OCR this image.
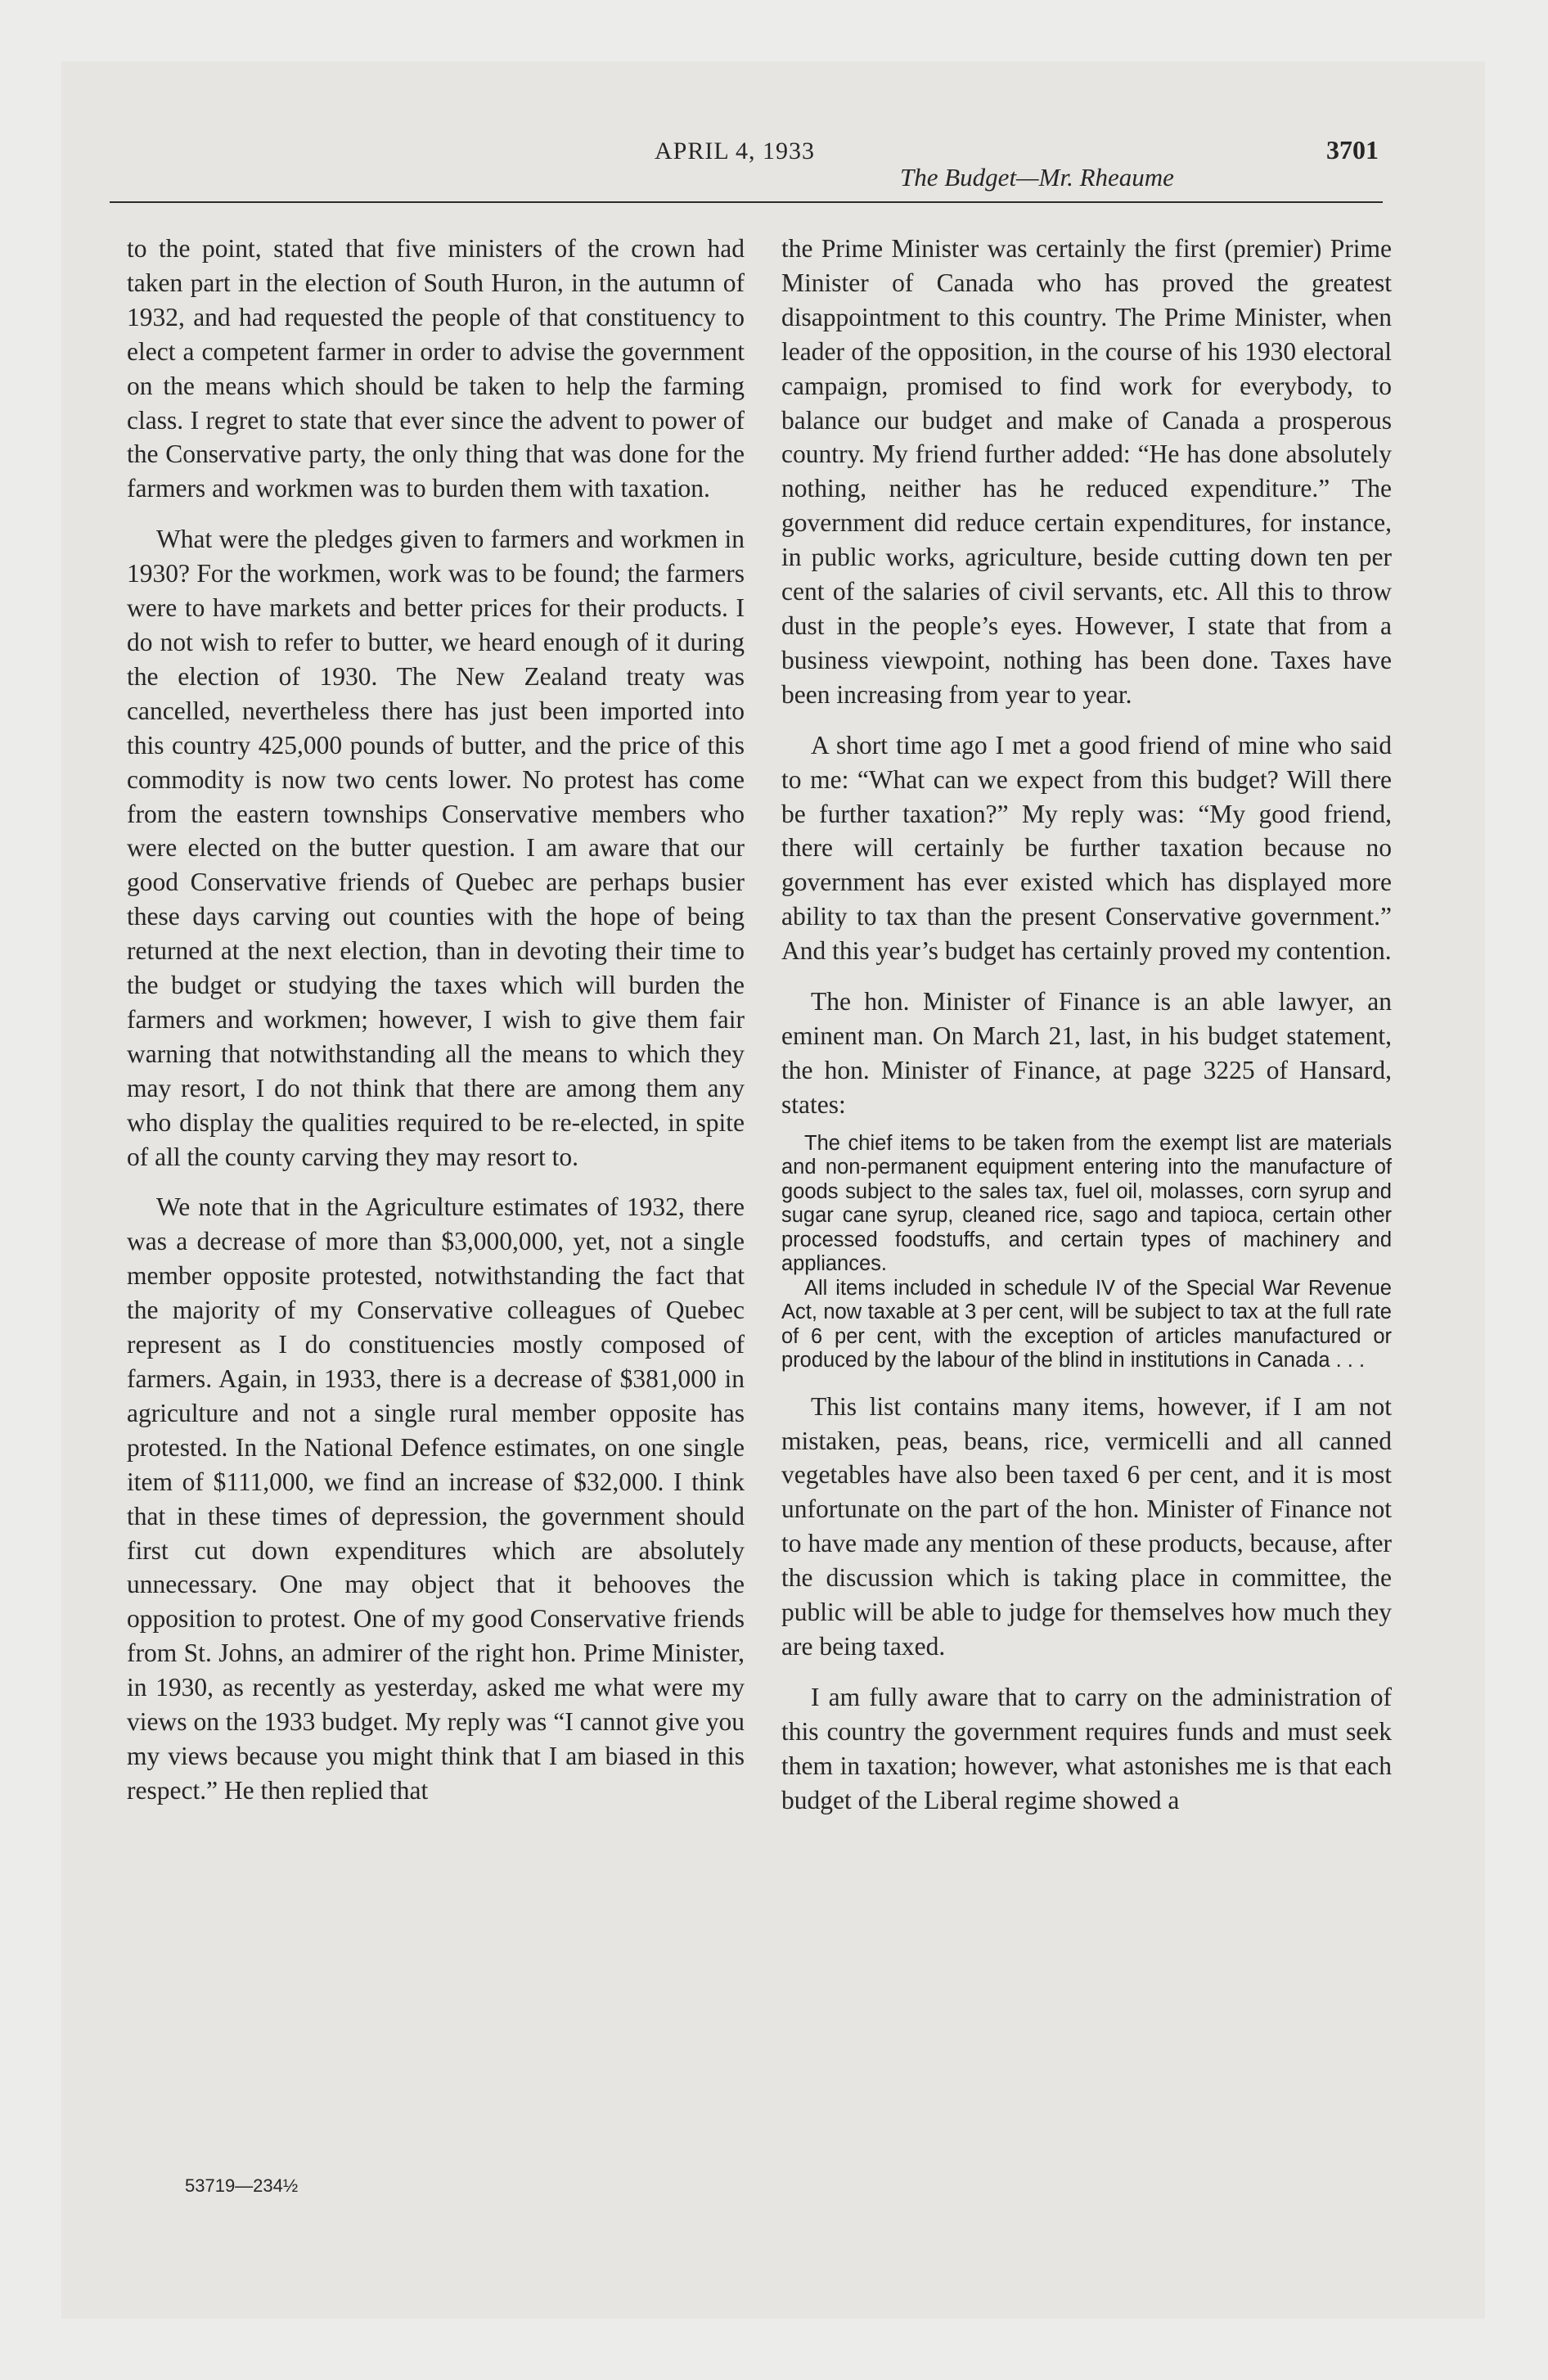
APRIL 4, 1933
The Budget—Mr. Rheaume
3701

to the point, stated that five ministers of the crown had taken part in the election of South Huron, in the autumn of 1932, and had requested the people of that constituency to elect a competent farmer in order to advise the government on the means which should be taken to help the farming class. I regret to state that ever since the advent to power of the Conservative party, the only thing that was done for the farmers and workmen was to burden them with taxation.

What were the pledges given to farmers and workmen in 1930? For the workmen, work was to be found; the farmers were to have markets and better prices for their products. I do not wish to refer to butter, we heard enough of it during the election of 1930. The New Zealand treaty was cancelled, nevertheless there has just been imported into this country 425,000 pounds of butter, and the price of this commodity is now two cents lower. No protest has come from the eastern townships Conservative members who were elected on the butter question. I am aware that our good Conservative friends of Quebec are perhaps busier these days carving out counties with the hope of being returned at the next election, than in devoting their time to the budget or studying the taxes which will burden the farmers and workmen; however, I wish to give them fair warning that notwithstanding all the means to which they may resort, I do not think that there are among them any who display the qualities required to be re-elected, in spite of all the county carving they may resort to.

We note that in the Agriculture estimates of 1932, there was a decrease of more than $3,000,000, yet, not a single member opposite protested, notwithstanding the fact that the majority of my Conservative colleagues of Quebec represent as I do constituencies mostly composed of farmers. Again, in 1933, there is a decrease of $381,000 in agriculture and not a single rural member opposite has protested. In the National Defence estimates, on one single item of $111,000, we find an increase of $32,000. I think that in these times of depression, the government should first cut down expenditures which are absolutely unnecessary. One may object that it behooves the opposition to protest. One of my good Conservative friends from St. Johns, an admirer of the right hon. Prime Minister, in 1930, as recently as yesterday, asked me what were my views on the 1933 budget. My reply was “I cannot give you my views because you might think that I am biased in this respect.” He then replied that

the Prime Minister was certainly the first (premier) Prime Minister of Canada who has proved the greatest disappointment to this country. The Prime Minister, when leader of the opposition, in the course of his 1930 electoral campaign, promised to find work for everybody, to balance our budget and make of Canada a prosperous country. My friend further added: “He has done absolutely nothing, neither has he reduced expenditure.” The government did reduce certain expenditures, for instance, in public works, agriculture, beside cutting down ten per cent of the salaries of civil servants, etc. All this to throw dust in the people’s eyes. However, I state that from a business viewpoint, nothing has been done. Taxes have been increasing from year to year.

A short time ago I met a good friend of mine who said to me: “What can we expect from this budget? Will there be further taxation?” My reply was: “My good friend, there will certainly be further taxation because no government has ever existed which has displayed more ability to tax than the present Conservative government.” And this year’s budget has certainly proved my contention.

The hon. Minister of Finance is an able lawyer, an eminent man. On March 21, last, in his budget statement, the hon. Minister of Finance, at page 3225 of Hansard, states:

The chief items to be taken from the exempt list are materials and non-permanent equipment entering into the manufacture of goods subject to the sales tax, fuel oil, molasses, corn syrup and sugar cane syrup, cleaned rice, sago and tapioca, certain other processed foodstuffs, and certain types of machinery and appliances.

All items included in schedule IV of the Special War Revenue Act, now taxable at 3 per cent, will be subject to tax at the full rate of 6 per cent, with the exception of articles manufactured or produced by the labour of the blind in institutions in Canada . . .

This list contains many items, however, if I am not mistaken, peas, beans, rice, vermicelli and all canned vegetables have also been taxed 6 per cent, and it is most unfortunate on the part of the hon. Minister of Finance not to have made any mention of these products, because, after the discussion which is taking place in committee, the public will be able to judge for themselves how much they are being taxed.

I am fully aware that to carry on the administration of this country the government requires funds and must seek them in taxation; however, what astonishes me is that each budget of the Liberal regime showed a

53719—234½
